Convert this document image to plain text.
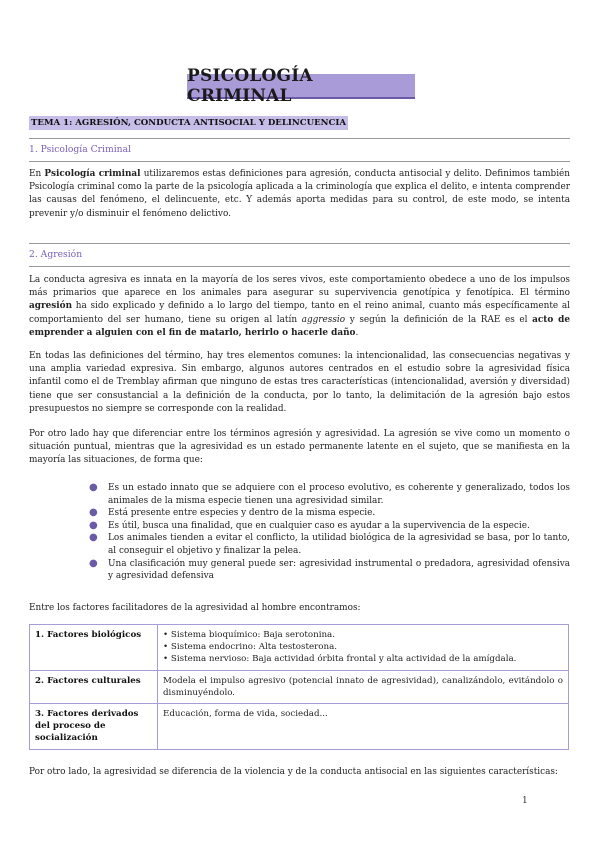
PSICOLOGÍA CRIMINAL
TEMA 1: AGRESIÓN, CONDUCTA ANTISOCIAL Y DELINCUENCIA
1. Psicología Criminal

En Psicología criminal utilizaremos estas definiciones para agresión, conducta antisocial y delito. Definimos también Psicología criminal como la parte de la psicología aplicada a la criminología que explica el delito, e intenta comprender las causas del fenómeno, el delincuente, etc. Y además aporta medidas para su control, de este modo, se intenta prevenir y/o disminuir el fenómeno delictivo.

2. Agresión

La conducta agresiva es innata en la mayoría de los seres vivos, este comportamiento obedece a uno de los impulsos más primarios que aparece en los animales para asegurar su supervivencia genotípica y fenotípica. El término agresión ha sido explicado y definido a lo largo del tiempo, tanto en el reino animal, cuanto más específicamente al comportamiento del ser humano, tiene su origen al latín aggressio y según la definición de la RAE es el acto de emprender a alguien con el fin de matarlo, herirlo o hacerle daño.

En todas las definiciones del término, hay tres elementos comunes: la intencionalidad, las consecuencias negativas y una amplia variedad expresiva. Sin embargo, algunos autores centrados en el estudio sobre la agresividad física infantil como el de Tremblay afirman que ninguno de estas tres características (intencionalidad, aversión y diversidad) tiene que ser consustancial a la definición de la conducta, por lo tanto, la delimitación de la agresión bajo estos presupuestos no siempre se corresponde con la realidad.

Por otro lado hay que diferenciar entre los términos agresión y agresividad. La agresión se vive como un momento o situación puntual, mientras que la agresividad es un estado permanente latente en el sujeto, que se manifiesta en la mayoría las situaciones, de forma que:

● Es un estado innato que se adquiere con el proceso evolutivo, es coherente y generalizado, todos los animales de la misma especie tienen una agresividad similar.
● Está presente entre especies y dentro de la misma especie.
● Es útil, busca una finalidad, que en cualquier caso es ayudar a la supervivencia de la especie.
● Los animales tienden a evitar el conflicto, la utilidad biológica de la agresividad se basa, por lo tanto, al conseguir el objetivo y finalizar la pelea.
● Una clasificación muy general puede ser: agresividad instrumental o predadora, agresividad ofensiva y agresividad defensiva

Entre los factores facilitadores de la agresividad al hombre encontramos:

1. Factores biológicos	• Sistema bioquímico: Baja serotonina.
• Sistema endocrino: Alta testosterona.
• Sistema nervioso: Baja actividad órbita frontal y alta actividad de la amígdala.

2. Factores culturales	Modela el impulso agresivo (potencial innato de agresividad), canalizándolo, evitándolo o disminuyéndolo.
3. Factores derivados del proceso de socialización	Educación, forma de vida, sociedad...

Por otro lado, la agresividad se diferencia de la violencia y de la conducta antisocial en las siguientes características:

1
